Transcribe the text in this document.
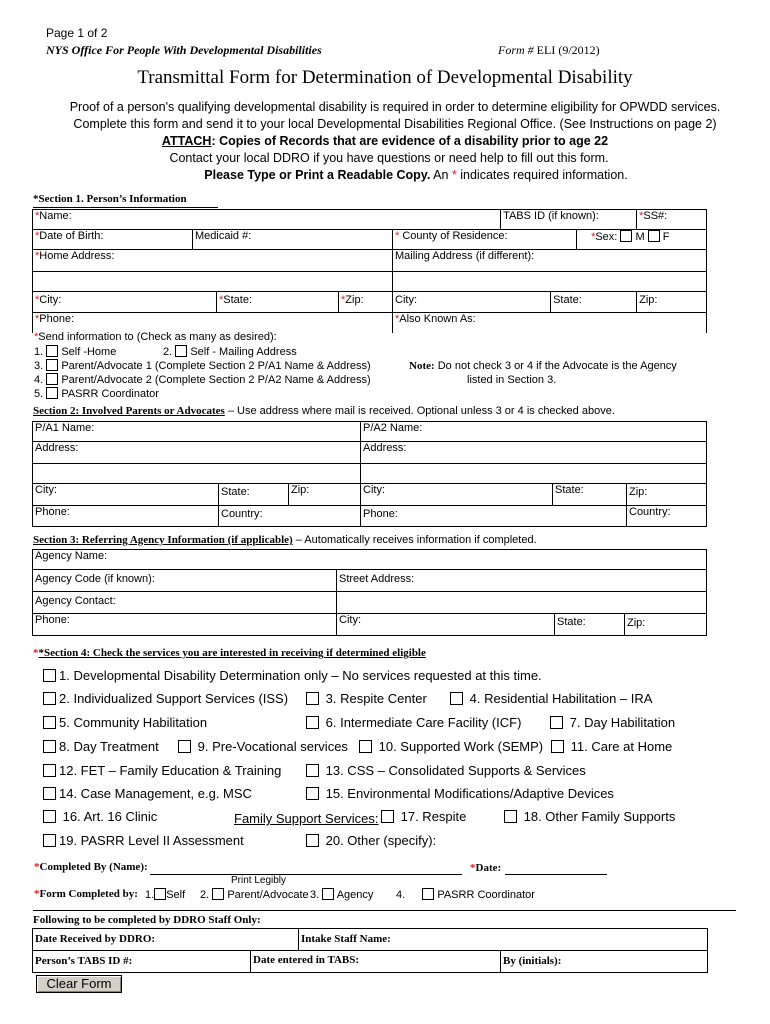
Page 1 of 2
NYS Office For People With Developmental Disabilities	Form # ELI (9/2012)
Transmittal Form for Determination of Developmental Disability
Proof of a person's qualifying developmental disability is required in order to determine eligibility for OPWDD services.
Complete this form and send it to your local Developmental Disabilities Regional Office. (See Instructions on page 2)
ATTACH: Copies of Records that are evidence of a disability prior to age 22
Contact your local DDRO if you have questions or need help to fill out this form.
Please Type or Print a Readable Copy. An * indicates required information.
*Section 1. Person’s Information
*Name:					TABS ID (if known):			*SS#:
*Date of Birth:	Medicaid #:			* County of Residence:			*Sex: M F	
*Home Address:				Mailing Address (if different):				

*City:		*State:	*Zip:	City:		State:		Zip:
*Phone:				*Also Known As:				
*Send information to (Check as many as desired):
1. Self -Home	2. Self - Mailing Address
3. Parent/Advocate 1 (Complete Section 2 P/A1 Name & Address)
4. Parent/Advocate 2 (Complete Section 2 P/A2 Name & Address)
5. PASRR Coordinator
Note: Do not check 3 or 4 if the Advocate is the Agency
listed in Section 3.
Section 2: Involved Parents or Advocates – Use address where mail is received. Optional unless 3 or 4 is checked above.
P/A1 Name:			P/A2 Name:		
Address:			Address:		

City:	State:	Zip:	City:	State:	Zip:
Phone:	Country:		Phone:		Country:
Section 3: Referring Agency Information (if applicable) – Automatically receives information if completed.
Agency Name:			
Agency Code (if known):	Street Address:		
Agency Contact:			
Phone:	City:	State:	Zip:
**Section 4: Check the services you are interested in receiving if determined eligible
1. Developmental Disability Determination only – No services requested at this time.
2. Individualized Support Services (ISS)	3. Respite Center	4. Residential Habilitation – IRA
5. Community Habilitation	6. Intermediate Care Facility (ICF)	7. Day Habilitation
8. Day Treatment	9. Pre-Vocational services	10. Supported Work (SEMP)	11. Care at Home
12. FET – Family Education & Training	13. CSS – Consolidated Supports & Services
14. Case Management, e.g. MSC	15. Environmental Modifications/Adaptive Devices
16. Art. 16 Clinic	Family Support Services:	17. Respite	18. Other Family Supports
19. PASRR Level II Assessment	20. Other (specify):
*Completed By (Name):
Print Legibly
*Date:
*Form Completed by: 1. Self 2. Parent/Advocate 3. Agency 4.	PASRR Coordinator
Following to be completed by DDRO Staff Only:
Date Received by DDRO:		Intake Staff Name:	
Person’s TABS ID #:	Date entered in TABS:		By (initials):
Clear Form
